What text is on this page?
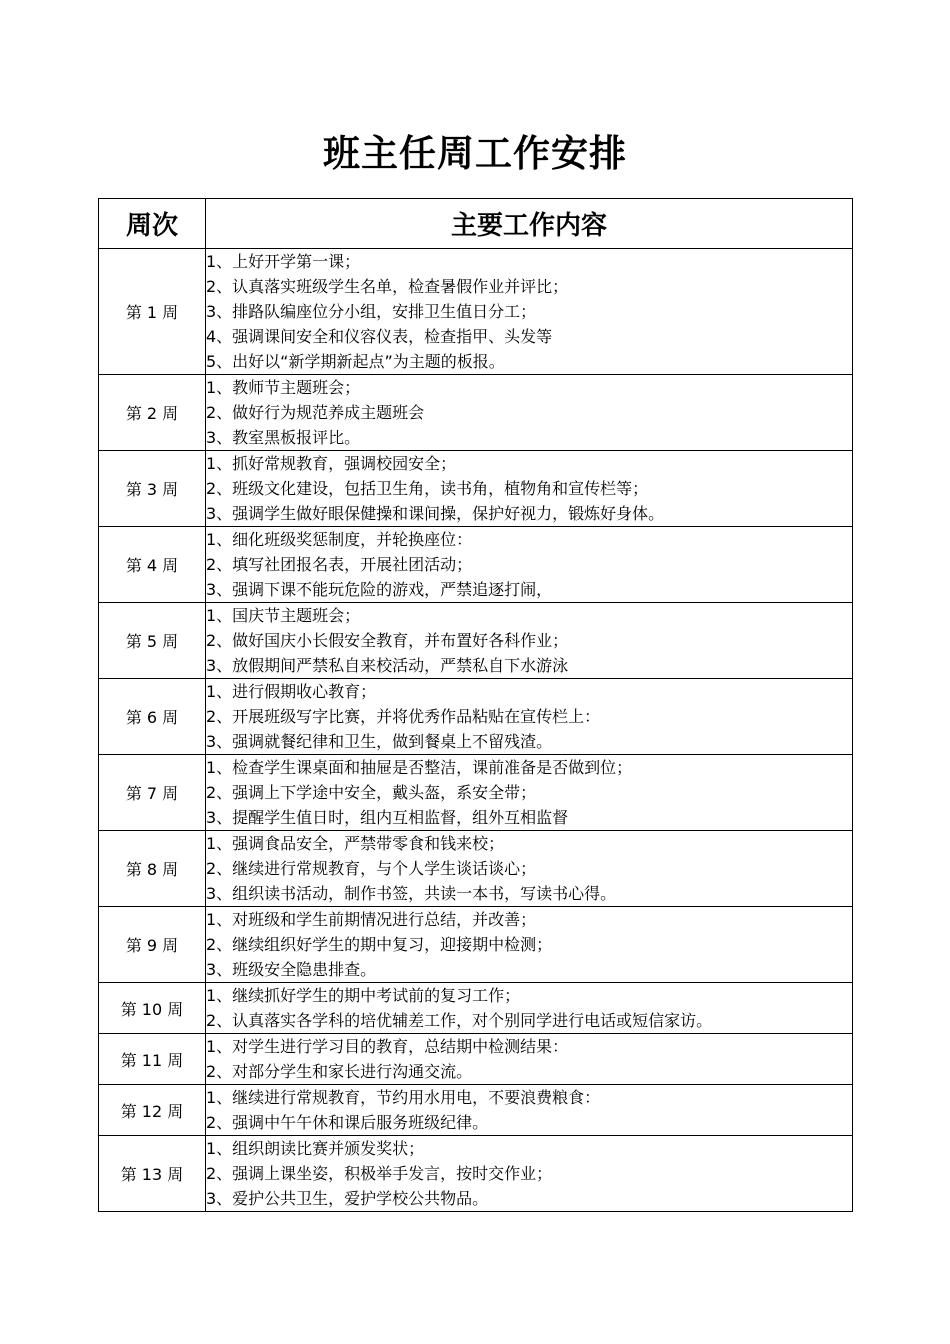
班主任周工作安排
周次	主要工作内容
第 1 周	1、上好开学第一课；
2、认真落实班级学生名单，检查暑假作业并评比；
3、排路队编座位分小组，安排卫生值日分工；
4、强调课间安全和仪容仪表，检查指甲、头发等
5、出好以“新学期新起点”为主题的板报。

第 2 周	1、教师节主题班会；
2、做好行为规范养成主题班会
3、教室黑板报评比。

第 3 周	1、抓好常规教育，强调校园安全；
2、班级文化建设，包括卫生角，读书角，植物角和宣传栏等；
3、强调学生做好眼保健操和课间操，保护好视力，锻炼好身体。

第 4 周	1、细化班级奖惩制度，并轮换座位：
2、填写社团报名表，开展社团活动；
3、强调下课不能玩危险的游戏，严禁追逐打闹，

第 5 周	1、国庆节主题班会；
2、做好国庆小长假安全教育，并布置好各科作业；
3、放假期间严禁私自来校活动，严禁私自下水游泳

第 6 周	1、进行假期收心教育；
2、开展班级写字比赛，并将优秀作品粘贴在宣传栏上：
3、强调就餐纪律和卫生，做到餐桌上不留残渣。

第 7 周	1、检查学生课桌面和抽屉是否整洁，课前准备是否做到位；
2、强调上下学途中安全，戴头盔，系安全带；
3、提醒学生值日时，组内互相监督，组外互相监督

第 8 周	1、强调食品安全，严禁带零食和钱来校；
2、继续进行常规教育，与个人学生谈话谈心；
3、组织读书活动，制作书签，共读一本书，写读书心得。

第 9 周	1、对班级和学生前期情况进行总结，并改善；
2、继续组织好学生的期中复习，迎接期中检测；
3、班级安全隐患排查。

第 10 周	1、继续抓好学生的期中考试前的复习工作；
2、认真落实各学科的培优辅差工作，对个别同学进行电话或短信家访。

第 11 周	1、对学生进行学习目的教育，总结期中检测结果：
2、对部分学生和家长进行沟通交流。

第 12 周	1、继续进行常规教育，节约用水用电，不要浪费粮食：
2、强调中午午休和课后服务班级纪律。

第 13 周	1、组织朗读比赛并颁发奖状；
2、强调上课坐姿，积极举手发言，按时交作业；
3、爱护公共卫生，爱护学校公共物品。
